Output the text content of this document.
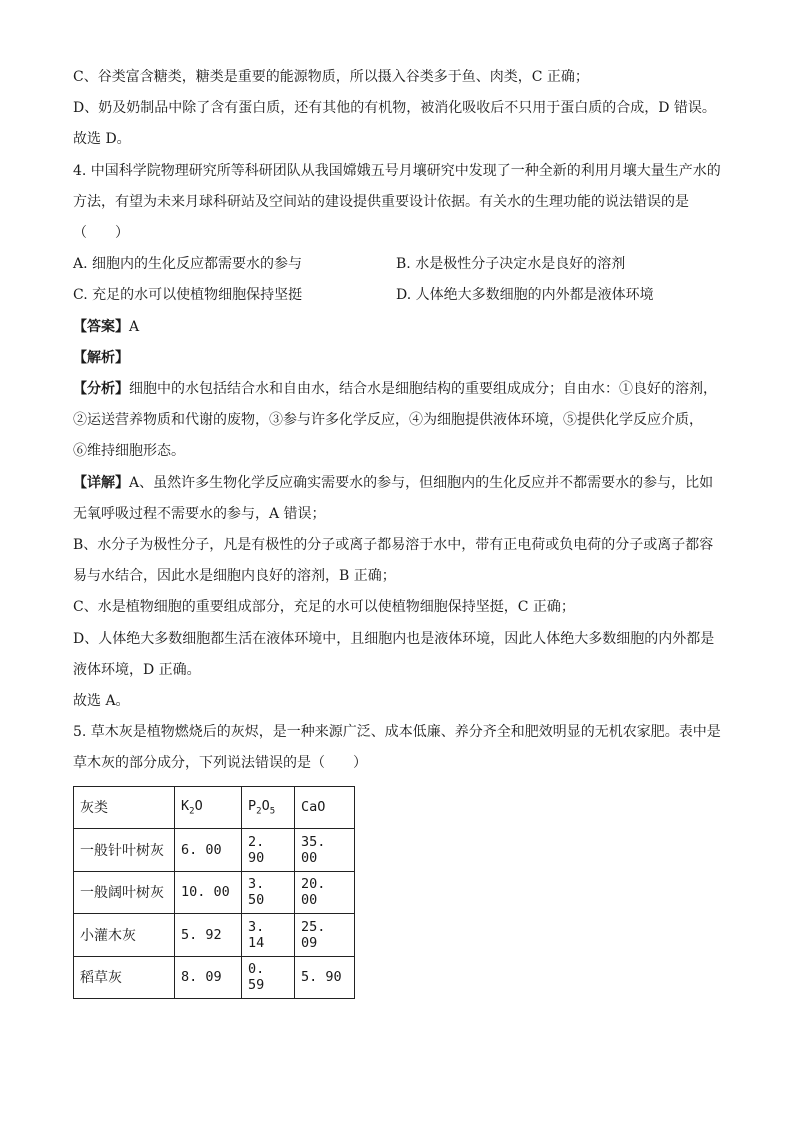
C、谷类富含糖类，糖类是重要的能源物质，所以摄入谷类多于鱼、肉类，C 正确；
D、奶及奶制品中除了含有蛋白质，还有其他的有机物，被消化吸收后不只用于蛋白质的合成，D 错误。
故选 D。
4. 中国科学院物理研究所等科研团队从我国嫦娥五号月壤研究中发现了一种全新的利用月壤大量生产水的
方法，有望为未来月球科研站及空间站的建设提供重要设计依据。有关水的生理功能的说法错误的是
（　　）
A. 细胞内的生化反应都需要水的参与	B. 水是极性分子决定水是良好的溶剂
C. 充足的水可以使植物细胞保持坚挺	D. 人体绝大多数细胞的内外都是液体环境
【答案】A
【解析】
【分析】细胞中的水包括结合水和自由水，结合水是细胞结构的重要组成成分；自由水：①良好的溶剂，
②运送营养物质和代谢的废物，③参与许多化学反应，④为细胞提供液体环境，⑤提供化学反应介质，
⑥维持细胞形态。
【详解】A、虽然许多生物化学反应确实需要水的参与，但细胞内的生化反应并不都需要水的参与，比如
无氧呼吸过程不需要水的参与，A 错误；
B、水分子为极性分子，凡是有极性的分子或离子都易溶于水中，带有正电荷或负电荷的分子或离子都容
易与水结合，因此水是细胞内良好的溶剂，B 正确；
C、水是植物细胞的重要组成部分，充足的水可以使植物细胞保持坚挺，C 正确；
D、人体绝大多数细胞都生活在液体环境中，且细胞内也是液体环境，因此人体绝大多数细胞的内外都是
液体环境，D 正确。
故选 A。
5. 草木灰是植物燃烧后的灰烬，是一种来源广泛、成本低廉、养分齐全和肥效明显的无机农家肥。表中是
草木灰的部分成分，下列说法错误的是（　　）
灰类	$K_2O$	$P_2O_5$	CaO
一般针叶树灰	6. 00	2. 90	35. 00
一般阔叶树灰	10. 00	3. 50	20. 00
小灌木灰	5. 92	3. 14	25. 09
稻草灰	8. 09	0. 59	5. 90
